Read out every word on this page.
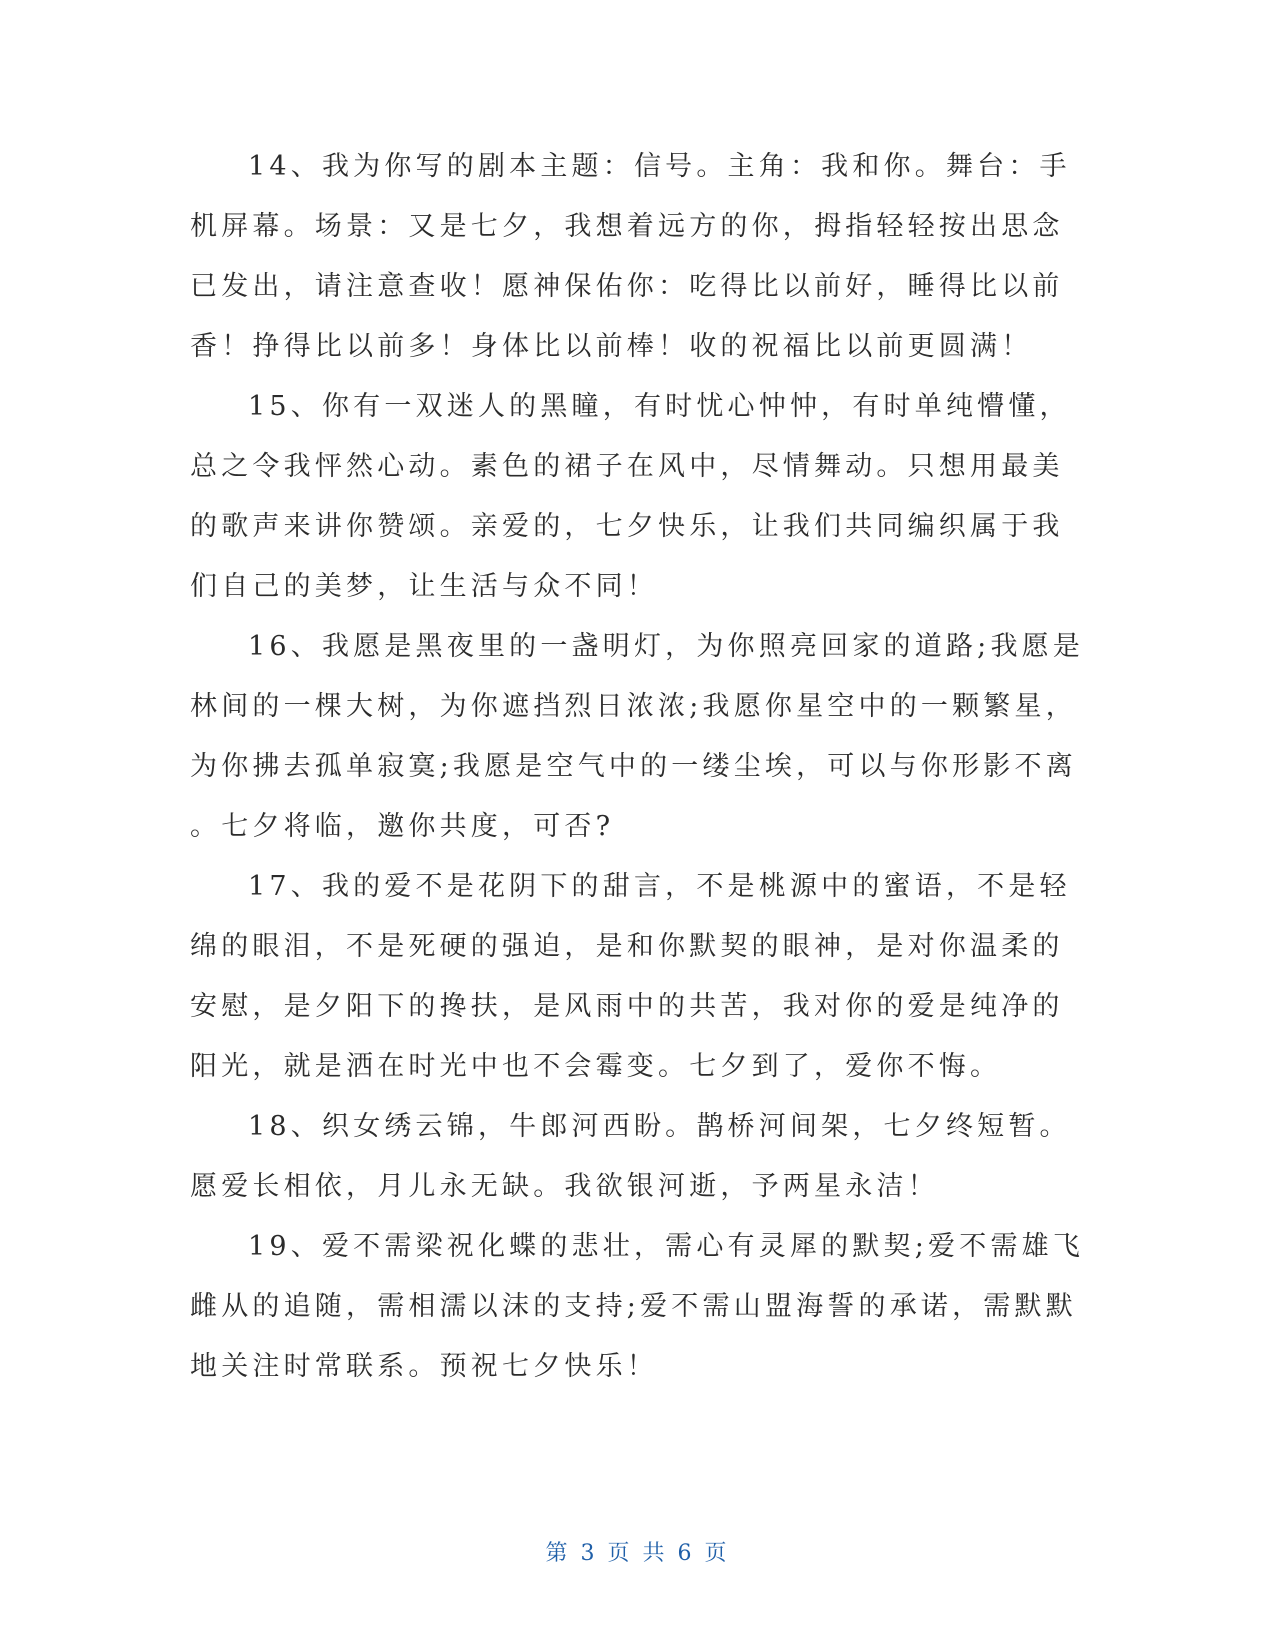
14、我为你写的剧本主题：信号。主角：我和你。舞台：手
机屏幕。场景：又是七夕，我想着远方的你，拇指轻轻按出思念
已发出，请注意查收！愿神保佑你：吃得比以前好，睡得比以前
香！挣得比以前多！身体比以前棒！收的祝福比以前更圆满！
15、你有一双迷人的黑瞳，有时忧心忡忡，有时单纯懵懂，
总之令我怦然心动。素色的裙子在风中，尽情舞动。只想用最美
的歌声来讲你赞颂。亲爱的，七夕快乐，让我们共同编织属于我
们自己的美梦，让生活与众不同！
16、我愿是黑夜里的一盏明灯，为你照亮回家的道路;我愿是
林间的一棵大树，为你遮挡烈日浓浓;我愿你星空中的一颗繁星，
为你拂去孤单寂寞;我愿是空气中的一缕尘埃，可以与你形影不离
。七夕将临，邀你共度，可否?
17、我的爱不是花阴下的甜言，不是桃源中的蜜语，不是轻
绵的眼泪，不是死硬的强迫，是和你默契的眼神，是对你温柔的
安慰，是夕阳下的搀扶，是风雨中的共苦，我对你的爱是纯净的
阳光，就是洒在时光中也不会霉变。七夕到了，爱你不悔。
18、织女绣云锦，牛郎河西盼。鹊桥河间架，七夕终短暂。
愿爱长相依，月儿永无缺。我欲银河逝，予两星永洁！
19、爱不需梁祝化蝶的悲壮，需心有灵犀的默契;爱不需雄飞
雌从的追随，需相濡以沫的支持;爱不需山盟海誓的承诺，需默默
地关注时常联系。预祝七夕快乐！
第 3 页 共 6 页
